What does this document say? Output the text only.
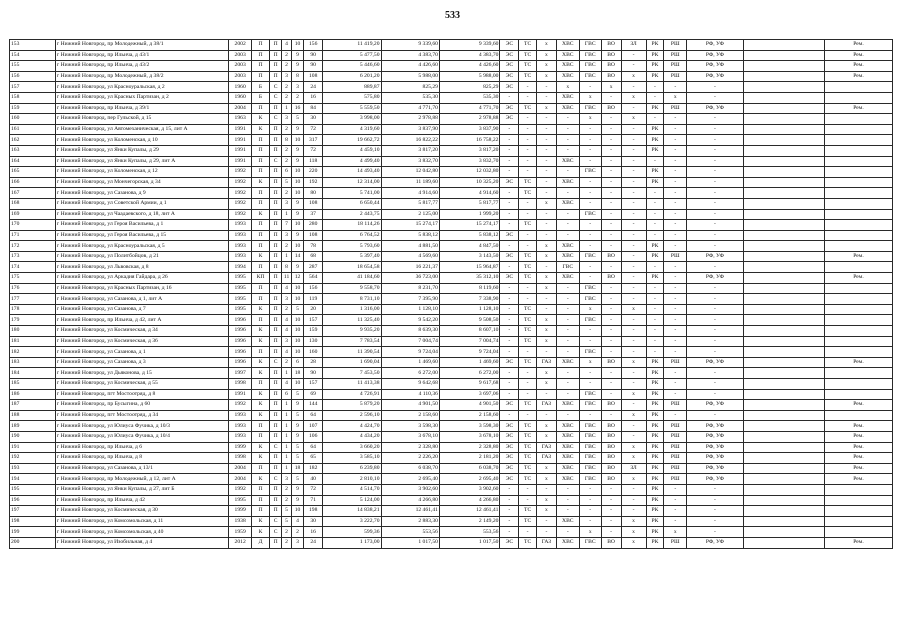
533
153	г Нижний Новгород, пр Молодежный, д 38/1	2002	П	П	4	10	156	11 419,20	9 339,60	9 339,60	ЭС	ТС	х	ХВС	ГВС	ВО	ЗЛ	РК	РШ	РФ, УФ		Рем.
154	г Нижний Новгород, пр Ильича, д 43/1	2003	П	П	2	9	90	5 477,50	4 383,70	4 383,70	ЭС	ТС	х	ХВС	ГВС	ВО	-	РК	РШ	РФ, УФ		Рем.
155	г Нижний Новгород, пр Ильича, д 43/2	2003	П	П	2	9	90	5 446,60	4 426,60	4 426,60	ЭС	ТС	х	ХВС	ГВС	ВО	-	РК	РШ	РФ, УФ		Рем.
156	г Нижний Новгород, пр Молодежный, д 38/2	2003	П	П	3	8	108	6 201,20	5 988,00	5 988,00	ЭС	ТС	х	ХВС	ГВС	ВО	х	РК	РШ	РФ, УФ		Рем.
157	г Нижний Новгород, ул Красноуральская, д 2	1960	Б	С	2	3	24	889,87	825,29	825,29	ЭС	-	-	х	-	х	-	-	-	-		
158	г Нижний Новгород, ул Красных Партизан, д 2	1960	Б	С	2	2	16	575,80	535,30	535,30	-	-	-	ХВС	х	-	х	-	х	-		
159	г Нижний Новгород, пр Ильича, д 39/1	2004	П	П	1	16	84	5 559,50	4 771,70	4 771,70	ЭС	ТС	х	ХВС	ГВС	ВО	-	РК	РШ	РФ, УФ		Рем.
160	г Нижний Новгород, пер Гульской, д 15	1963	К	С	3	5	30	3 998,00	2 978,88	2 978,88	ЭС	-	-	-	х	-	х	-	-	-		
161	г Нижний Новгород, ул Автомеханическая, д 15, лит А	1991	К	П	2	9	72	4 319,60	3 837,90	3 837,90	-	-	-	-	-	-	-	РК	-	-		
162	г Нижний Новгород, ул Коломенская, д 10	1991	П	П	8	10	317	19 662,72	16 822,22	16 758,22	-	-	-	-	-	-	-	РК	-	-		
163	г Нижний Новгород, ул Янки Купалы, д 29	1991	П	П	2	9	72	4 459,10	3 817,20	3 817,20	-	-	-	-	-	-	-	РК	-	-		
164	г Нижний Новгород, ул Янки Купалы, д 29, лит А	1991	П	С	2	9	118	4 499,40	3 832,70	3 832,70	-	-	-	ХВС	-	-	-	-	-	-		
165	г Нижний Новгород, ул Коломенская, д 12	1992	П	П	6	10	220	14 493,40	12 042,80	12 032,80	-	-	-	-	ГВС	-	-	РК	-	-		
166	г Нижний Новгород, ул Мончегорская, д 34	1992	К	П	5	10	192	12 314,00	11 189,60	10 325,20	ЭС	ТС	-	ХВС	-	-	-	РК	-	-		
167	г Нижний Новгород, ул Сазанова, д 9	1992	П	П	2	10	80	5 741,00	4 914,60	4 914,60	-	ТС	-	-	-	-	-	-	-	-		
168	г Нижний Новгород, ул Советской Армии, д 1	1992	П	П	3	9	108	6 650,44	5 817,77	5 817,77	-	-	х	ХВС	-	-	-	-	-	-		
169	г Нижний Новгород, ул Чаадаевского, д 18, лит А	1992	К	П	1	9	37	2 443,75	2 125,00	1 999,20	-	-	-	-	ГВС	-	-	-	-	-		
170	г Нижний Новгород, ул Героя Васильева, д 1	1993	П	П	7	10	280	18 114,26	15 274,17	15 274,17	-	ТС	-	-	-	-	-	-	-	-		
171	г Нижний Новгород, ул Героя Васильева, д 15	1993	П	П	3	9	108	6 764,52	5 838,12	5 838,12	ЭС	-	-	-	-	-	-	-	-	-		
172	г Нижний Новгород, ул Красноуральская, д 5	1993	П	П	2	10	78	5 793,60	4 881,50	4 847,50	-	-	х	ХВС	-	-	-	РК	-	-		
173	г Нижний Новгород, ул Политбойцов, д 21	1993	К	П	1	14	68	5 397,40	4 569,60	3 143,50	ЭС	ТС	х	ХВС	ГВС	ВО	-	РК	РШ	РФ, УФ		Рем.
174	г Нижний Новгород, ул Львовская, д 8	1994	П	П	8	9	287	18 654,58	16 221,37	15 964,87	-	ТС	-	ГВС	-	-	-	-	-	-		
175	г Нижний Новгород, ул Аркадия Гайдара, д 26	1995	КП	П	11	12	564	41 184,60	36 723,00	35 312,10	ЭС	ТС	х	ХВС	-	ВО	-	РК	-	РФ, УФ		Рем.
176	г Нижний Новгород, ул Красных Партизан, д 16	1995	П	П	4	10	156	9 558,70	8 231,70	8 119,60	-	-	х	-	ГВС	-	-	-	-	-		
177	г Нижний Новгород, ул Сазанова, д 1, лит А	1995	П	П	3	10	119	8 731,10	7 395,90	7 338,90	-	-	-	-	ГВС	-	-	-	-	-		
178	г Нижний Новгород, ул Сазанова, д 7	1995	К	П	2	5	20	1 316,00	1 128,10	1 128,10	-	ТС	-	-	х	-	х	-	-	-		
179	г Нижний Новгород, пр Ильича, д 42, лит А	1996	П	П	4	10	157	11 325,40	9 542,20	9 508,50	-	ТС	х	-	ГВС	-	-	-	-	-		
180	г Нижний Новгород, ул Космическая, д 34	1996	К	П	4	10	159	9 935,20	8 639,30	8 607,10	-	ТС	х	-	-	-	-	-	-	-		
181	г Нижний Новгород, ул Космическая, д 36	1996	К	П	3	10	130	7 783,54	7 004,74	7 004,74	-	ТС	х	-	-	-	-	-	-	-		
182	г Нижний Новгород, ул Сазанова, д 1	1996	П	П	4	10	160	11 390,54	9 724,04	9 724,04	-	-	-	-	ГВС	-	-	-	-	-		
183	г Нижний Новгород, ул Сазанова, д 3	1996	К	С	2	6	28	1 690,04	1 469,60	1 469,60	ЭС	ТС	ГАЗ	ХВС	х	ВО	х	РК	РШ	РФ, УФ		Рем.
184	г Нижний Новгород, ул Дьяконова, д 15	1997	К	П	1	18	90	7 453,50	6 272,00	6 272,00	-	-	х	-	-	-	-	РК	-	-		
185	г Нижний Новгород, ул Космическая, д 55	1998	П	П	4	10	157	11 413,38	9 642,68	9 617,68	-	-	х	-	-	-	-	РК	-	-		
186	г Нижний Новгород, пгт Мостоотряд, д 8	1991	К	П	6	5	69	4 726,91	4 110,36	3 697,06	-	-	-	-	ГВС	-	х	РК	-	-		
187	г Нижний Новгород, пр Бусыгина, д 60	1992	К	П	1	9	144	5 879,20	4 901,50	4 901,50	ЭС	ТС	ГАЗ	ХВС	ГВС	ВО	-	РК	РШ	РФ, УФ		Рем.
188	г Нижний Новгород, пгт Мостоотряд, д 34	1993	К	П	1	5	64	2 596,10	2 158,60	2 158,60	-	-	-	-	-	-	х	РК	-	-		
189	г Нижний Новгород, ул Юлиуса Фучика, д 10/3	1993	П	П	1	9	107	4 424,70	3 598,30	3 598,30	ЭС	ТС	х	ХВС	ГВС	ВО	-	РК	РШ	РФ, УФ		Рем.
190	г Нижний Новгород, ул Юлиуса Фучика, д 10/4	1993	П	П	1	9	106	4 434,20	3 678,10	3 678,10	ЭС	ТС	х	ХВС	ГВС	ВО	-	РК	РШ	РФ, УФ		Рем.
191	г Нижний Новгород, пр Ильича, д 6	1999	К	С	1	5	64	3 660,20	2 328,80	2 328,80	ЭС	ТС	ГАЗ	ХВС	ГВС	ВО	х	РК	РШ	РФ, УФ		Рем.
192	г Нижний Новгород, пр Ильича, д 8	1998	К	П	1	5	65	3 585,10	2 226,20	2 181,20	ЭС	ТС	ГАЗ	ХВС	ГВС	ВО	х	РК	РШ	РФ, УФ		Рем.
193	г Нижний Новгород, ул Сазанова, д 13/1	2004	П	П	1	18	182	6 239,80	6 038,70	6 038,70	ЭС	ТС	х	ХВС	ГВС	ВО	ЗЛ	РК	РШ	РФ, УФ		Рем.
194	г Нижний Новгород, пр Молодежный, д 12, лит А	2004	К	С	3	5	40	2 810,10	2 695,40	2 695,40	ЭС	ТС	х	ХВС	ГВС	ВО	х	РК	РШ	РФ, УФ		Рем.
195	г Нижний Новгород, ул Янки Купалы, д 27, лит Б	1992	П	П	2	9	72	4 514,70	3 902,60	3 902,60	-	-	-	-	-	-	-	РК	-	-		
196	г Нижний Новгород, пр Ильича, д 42	1995	П	П	2	9	71	5 124,00	4 266,80	4 266,80	-	-	х	-	-	-	-	РК	-	-		
197	г Нижний Новгород, ул Космическая, д 30	1999	П	П	5	10	198	14 838,21	12 461,41	12 461,41	-	ТС	х	-	-	-	-	РК	-	-		
198	г Нижний Новгород, ул Комсомольская, д 11	1938	К	С	5	4	30	3 222,70	2 883,30	2 149,20	-	ТС	-	ХВС	-	-	х	РК	-	-		
199	г Нижний Новгород, ул Комсомольская, д 40	1959	К	С	2	2	16	599,36	553,56	553,56	-	-	-	-	х	-	х	РК	х	-		
200	г Нижний Новгород, ул Изобильная, д 4	2012	Д	П	2	3	24	1 173,00	1 017,50	1 017,50	ЭС	ТС	ГАЗ	ХВС	ГВС	ВО	х	РК	РШ	РФ, УФ		Рем.
